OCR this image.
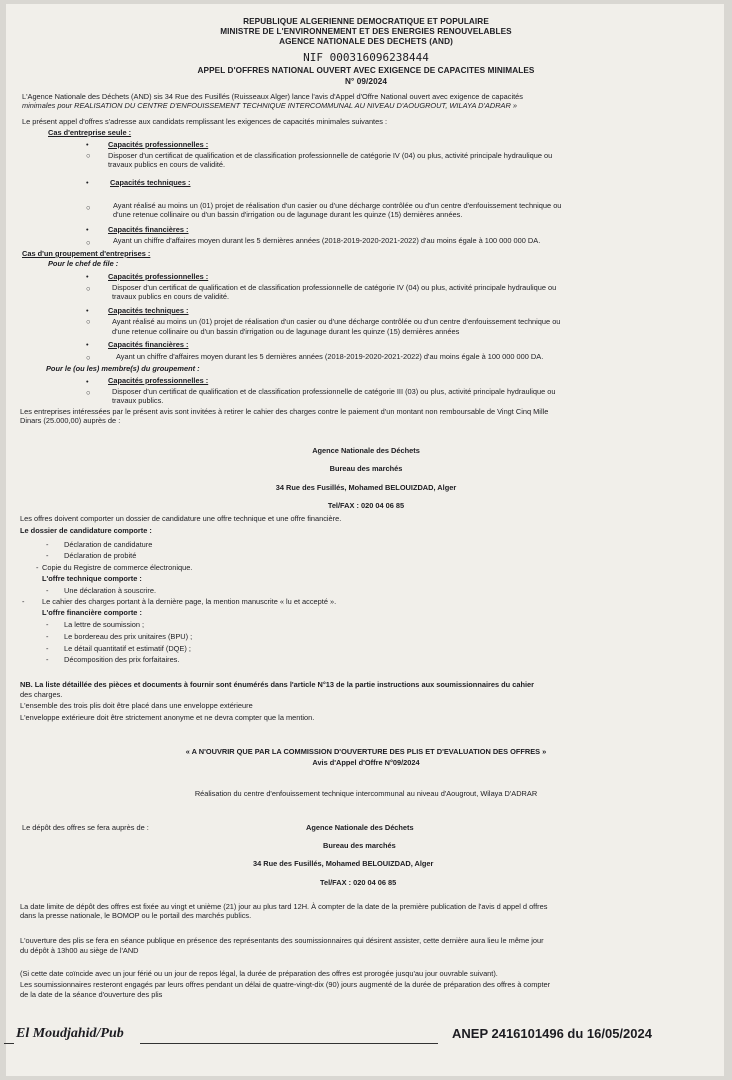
REPUBLIQUE ALGERIENNE DEMOCRATIQUE ET POPULAIRE
MINISTRE DE L'ENVIRONNEMENT ET DES ENERGIES RENOUVELABLES
AGENCE NATIONALE DES DECHETS (AND)
NIF 000316096238444
APPEL D'OFFRES NATIONAL OUVERT AVEC EXIGENCE DE CAPACITES MINIMALES
N° 09/2024
L'Agence Nationale des Déchets (AND) sis 34 Rue des Fusillés (Ruisseaux Alger) lance l'avis d'Appel d'Offre National ouvert avec exigence de capacités
minimales pour REALISATION DU CENTRE D'ENFOUISSEMENT TECHNIQUE INTERCOMMUNAL AU NIVEAU D'AOUGROUT, WILAYA D'ADRAR »
Le présent appel d'offres s'adresse aux candidats remplissant les exigences de capacités minimales suivantes :
Cas d'entreprise seule :
•	Capacités professionnelles :
○ Disposer d'un certificat de qualification et de classification professionnelle de catégorie IV (04) ou plus, activité principale hydraulique ou
travaux publics en cours de validité.
•	Capacités techniques :
○	Ayant réalisé au moins un (01) projet de réalisation d'un casier ou d'une décharge contrôlée ou d'un centre d'enfouissement technique ou
d'une retenue collinaire ou d'un bassin d'irrigation ou de lagunage durant les quinze (15) dernières années.
•	Capacités financières :
○	Ayant un chiffre d'affaires moyen durant les 5 dernières années (2018-2019-2020-2021-2022) d'au moins égale à 100 000 000 DA.
Cas d'un groupement d'entreprises :
Pour le chef de file :
•	Capacités professionnelles :
○	Disposer d'un certificat de qualification et de classification professionnelle de catégorie IV (04) ou plus, activité principale hydraulique ou
travaux publics en cours de validité.
•	Capacités techniques :
○	Ayant réalisé au moins un (01) projet de réalisation d'un casier ou d'une décharge contrôlée ou d'un centre d'enfouissement technique ou
d'une retenue collinaire ou d'un bassin d'irrigation ou de lagunage durant les quinze (15) dernières années
•	Capacités financières :
○	Ayant un chiffre d'affaires moyen durant les 5 dernières années (2018-2019-2020-2021-2022) d'au moins égale à 100 000 000 DA.
Pour le (ou les) membre(s) du groupement :
•	Capacités professionnelles :
○	Disposer d'un certificat de qualification et de classification professionnelle de catégorie III (03) ou plus, activité principale hydraulique ou
travaux publics.
Les entreprises intéressées par le présent avis sont invitées à retirer le cahier des charges contre le paiement d'un montant non remboursable de Vingt Cinq Mille
Dinars (25.000,00) auprès de :
Agence Nationale des Déchets
Bureau des marchés
34 Rue des Fusillés, Mohamed BELOUIZDAD, Alger
Tel/FAX : 020 04 06 85
Les offres doivent comporter un dossier de candidature une offre technique et une offre financière.
Le dossier de candidature comporte :
- Déclaration de candidature
- Déclaration de probité
- Copie du Registre de commerce électronique.
L'offre technique comporte :
- Une déclaration à souscrire.
- Le cahier des charges portant à la dernière page, la mention manuscrite « lu et accepté ».
L'offre financière comporte :
- La lettre de soumission ;
- Le bordereau des prix unitaires (BPU) ;
- Le détail quantitatif et estimatif (DQE) ;
- Décomposition des prix forfaitaires.
NB. La liste détaillée des pièces et documents à fournir sont énumérés dans l'article N°13 de la partie instructions aux soumissionnaires du cahier
des charges.
L'ensemble des trois plis doit être placé dans une enveloppe extérieure
L'enveloppe extérieure doit être strictement anonyme et ne devra compter que la mention.
« A N'OUVRIR QUE PAR LA COMMISSION D'OUVERTURE DES PLIS ET D'EVALUATION DES OFFRES »
Avis d'Appel d'Offre N°09/2024
Réalisation du centre d'enfouissement technique intercommunal au niveau d'Aougrout, Wilaya D'ADRAR
Le dépôt des offres se fera auprès de :	Agence Nationale des Déchets
Bureau des marchés
34 Rue des Fusillés, Mohamed BELOUIZDAD, Alger
Tel/FAX : 020 04 06 85
La date limite de dépôt des offres est fixée au vingt et unième (21) jour au plus tard 12H. À compter de la date de la première publication de l'avis d appel d offres
dans la presse nationale, le BOMOP ou le portail des marchés publics.
L'ouverture des plis se fera en séance publique en présence des représentants des soumissionnaires qui désirent assister, cette dernière aura lieu le même jour
du dépôt à 13h00 au siège de l'AND
(Si cette date coïncide avec un jour férié ou un jour de repos légal, la durée de préparation des offres est prorogée jusqu'au jour ouvrable suivant).
Les soumissionnaires resteront engagés par leurs offres pendant un délai de quatre-vingt-dix (90) jours augmenté de la durée de préparation des offres à compter
de la date de la séance d'ouverture des plis
El Moudjahid/Pub	ANEP 2416101496 du 16/05/2024
